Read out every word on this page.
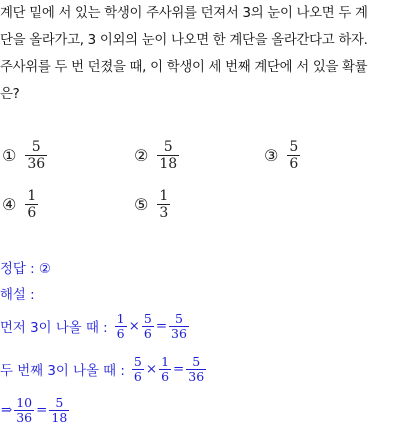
계단 밑에 서 있는 학생이 주사위를 던져서 3의 눈이 나오면 두 계
단을 올라가고, 3 이외의 눈이 나오면 한 계단을 올라간다고 하자.
주사위를 두 번 던졌을 때, 이 학생이 세 번째 계단에 서 있을 확률
은?
① $\frac{5}{36}$	② $\frac{5}{18}$	③ $\frac{5}{6}$
④ $\frac{1}{6}$	⑤ $\frac{1}{3}$
정답 : ②
해설 :
먼저 3이 나올 때 : $\frac{1}{6} \times \frac{5}{6} = \frac{5}{36}$
두 번째 3이 나올 때 : $\frac{5}{6} \times \frac{1}{6} = \frac{5}{36}$
⇒ $\frac{10}{36} = \frac{5}{18}$
